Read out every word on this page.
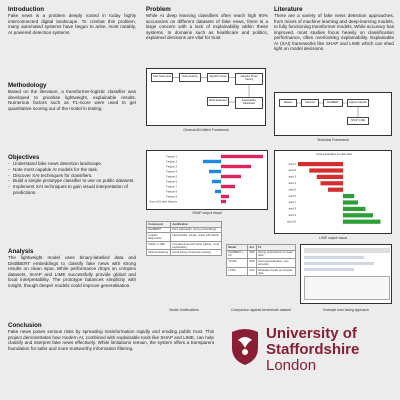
Introduction
Fake news is a problem deeply rooted in today highly interconnected digital landscape. To combat this problem, many automated systems have begun to arise, most notably, AI powered detection systems.
Problem
While AI deep learning classifiers often reach high 90% accuracies on different datasets of fake news, there is a large concern with a lack of explainability within these systems. In domains such as healthcare and politics, explained decisions are vital for trust.
Literature
There are a variety of fake news detection approaches, from mixes of machine learning and deep-learning models, to fully functioning transformer models. While accuracy has improved, most studies focus heavily on classification performance, often overlooking explainability. Explainable AI (XAI) frameworks like SHAP and LIME which can shed light on model decisions.
Methodology
Based on the literature, a transformer-logistic classifier was developed to prioritise lightweight, explainable results. Numerous factors such as F1-score were used to get quantitative scoring out of the model in testing.
Fake News Input	Data Cleaning	Algorithm Setup	Classifier Model Training
Model Evaluation	Explainability Dashboard
General AI/Unified Framework
Dataset	Tokenizer	DistilBERT	Logistic Classifier
SHAP / LIME
Technical Framework
Objectives
- Understand fake news detection landscape.
- Note most capable AI models for the task.
- Discover XAI techniques for classifiers.
- Build a simple prototype classifier to use on public datasets.
- Implement XAI techniques to gain visual interpretation of predictions.
Feature 1
Feature 2
Feature 3
Feature 4
Feature 5
Feature 6
Feature 7
Feature 8
Feature 9
Sum of 10 other features
SHAP output visual
Local explanation for class fake
word 1
word 2
word 3
word 4
word 5
word 6
word 7
word 8
word 9
word 10
LIME output visual
Analysis
The lightweight model uses binary-labelled data and DistilBERT embeddings to classify fake news with strong results on clean input. While performance drops on complex datasets, SHAP and LIME successfully provide global and local interpretability. The prototype balances simplicity with insight, though deeper models could improve generalisation.
Component	Justification
DistilBERT	Fast, lightweight, strong embeddings
Logistic Regression	Interpretable, simple, works with SHAP
SHAP + LIME	Complements each other (global - local explanation)
Minimal cleaning	Avoid losing contextual meaning
Model Justifications
Model	Acc	F1
DistilBERT + LR	96%	Strong performance on clean data
TF-IDF	89%	Good generalisation, less accuracy
LSTM	91%	Moderate results on complex data
Comparison against benchmark dataset	Example user facing approach
Conclusion
Fake news poses serious risks by spreading misinformation rapidly and eroding public trust. This project demonstrates how modern AI, combined with explainable tools like SHAP and LIME, can help classify and interpret fake news effectively. While limitations remain, the system offers a transparent foundation for safer and more trustworthy information filtering.
University of
Staffordshire
London
